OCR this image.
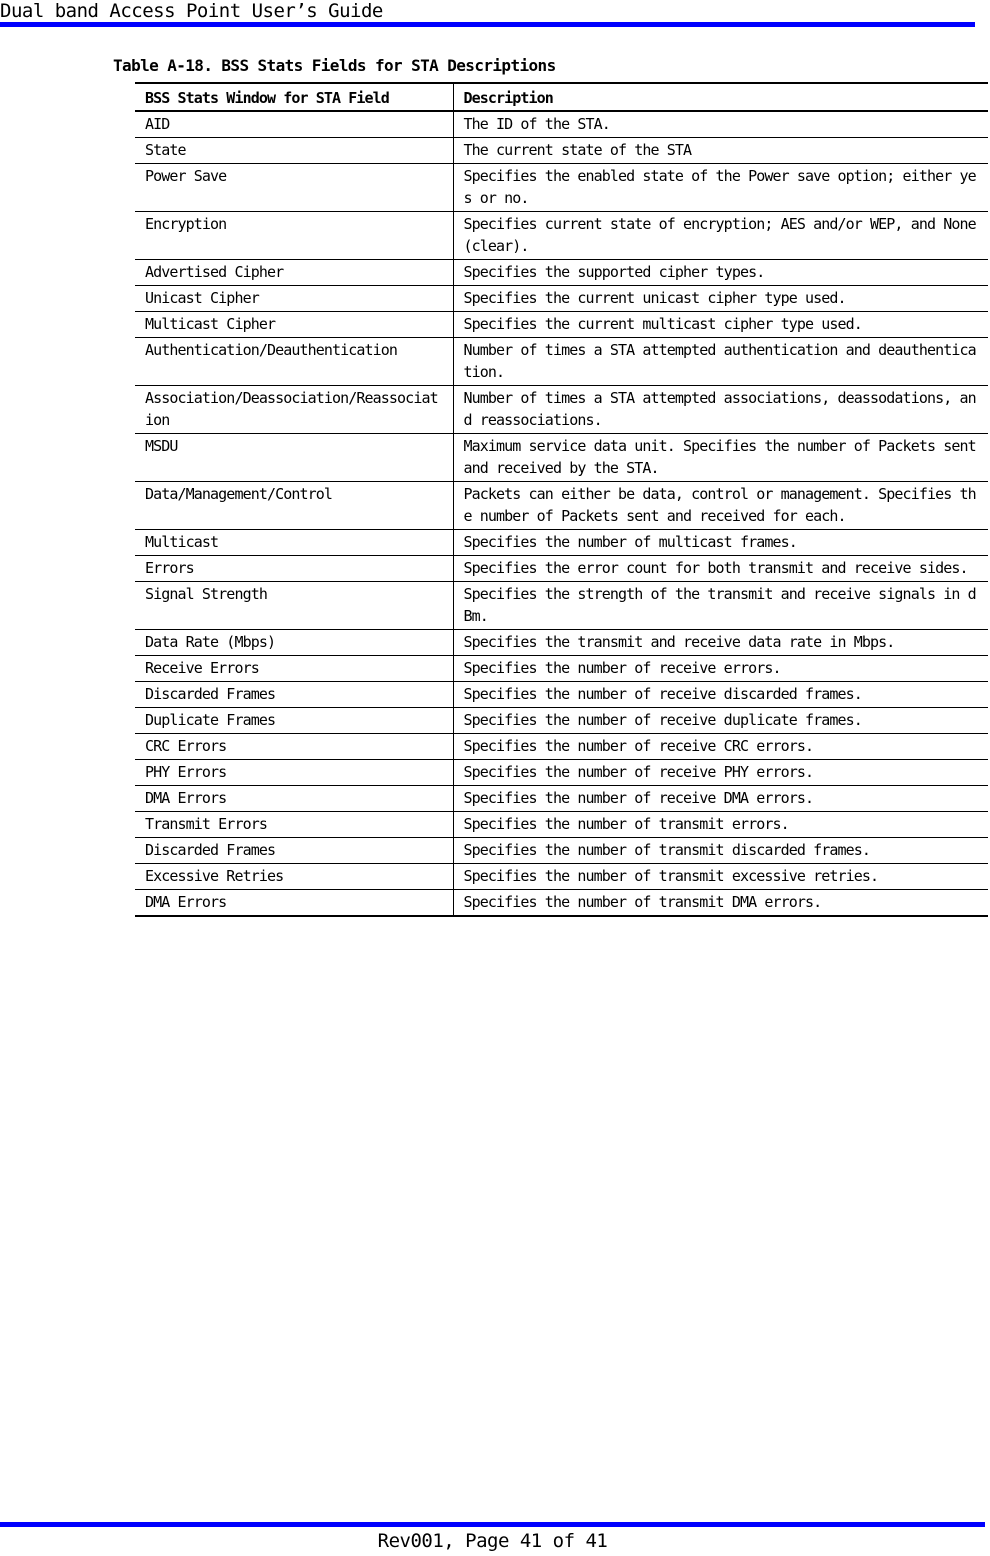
Dual band Access Point User’s Guide
Table A-18. BSS Stats Fields for STA Descriptions
BSS Stats Window for STA Field	Description
AID	The ID of the STA.
State	The current state of the STA
Power Save	Specifies the enabled state of the Power save option; either yes or no.
Encryption	Specifies current state of encryption; AES and/or WEP, and None (clear).
Advertised Cipher	Specifies the supported cipher types.
Unicast Cipher	Specifies the current unicast cipher type used.
Multicast Cipher	Specifies the current multicast cipher type used.
Authentication/Deauthentication	Number of times a STA attempted authentication and deauthentication.
Association/Deassociation/Reassociation	Number of times a STA attempted associations, deassodations, and reassociations.
MSDU	Maximum service data unit. Specifies the number of Packets sent and received by the STA.
Data/Management/Control	Packets can either be data, control or management. Specifies the number of Packets sent and received for each.
Multicast	Specifies the number of multicast frames.
Errors	Specifies the error count for both transmit and receive sides.
Signal Strength	Specifies the strength of the transmit and receive signals in dBm.
Data Rate (Mbps)	Specifies the transmit and receive data rate in Mbps.
Receive Errors	Specifies the number of receive errors.
Discarded Frames	Specifies the number of receive discarded frames.
Duplicate Frames	Specifies the number of receive duplicate frames.
CRC Errors	Specifies the number of receive CRC errors.
PHY Errors	Specifies the number of receive PHY errors.
DMA Errors	Specifies the number of receive DMA errors.
Transmit Errors	Specifies the number of transmit errors.
Discarded Frames	Specifies the number of transmit discarded frames.
Excessive Retries	Specifies the number of transmit excessive retries.
DMA Errors	Specifies the number of transmit DMA errors.
Rev001, Page 41 of 41
